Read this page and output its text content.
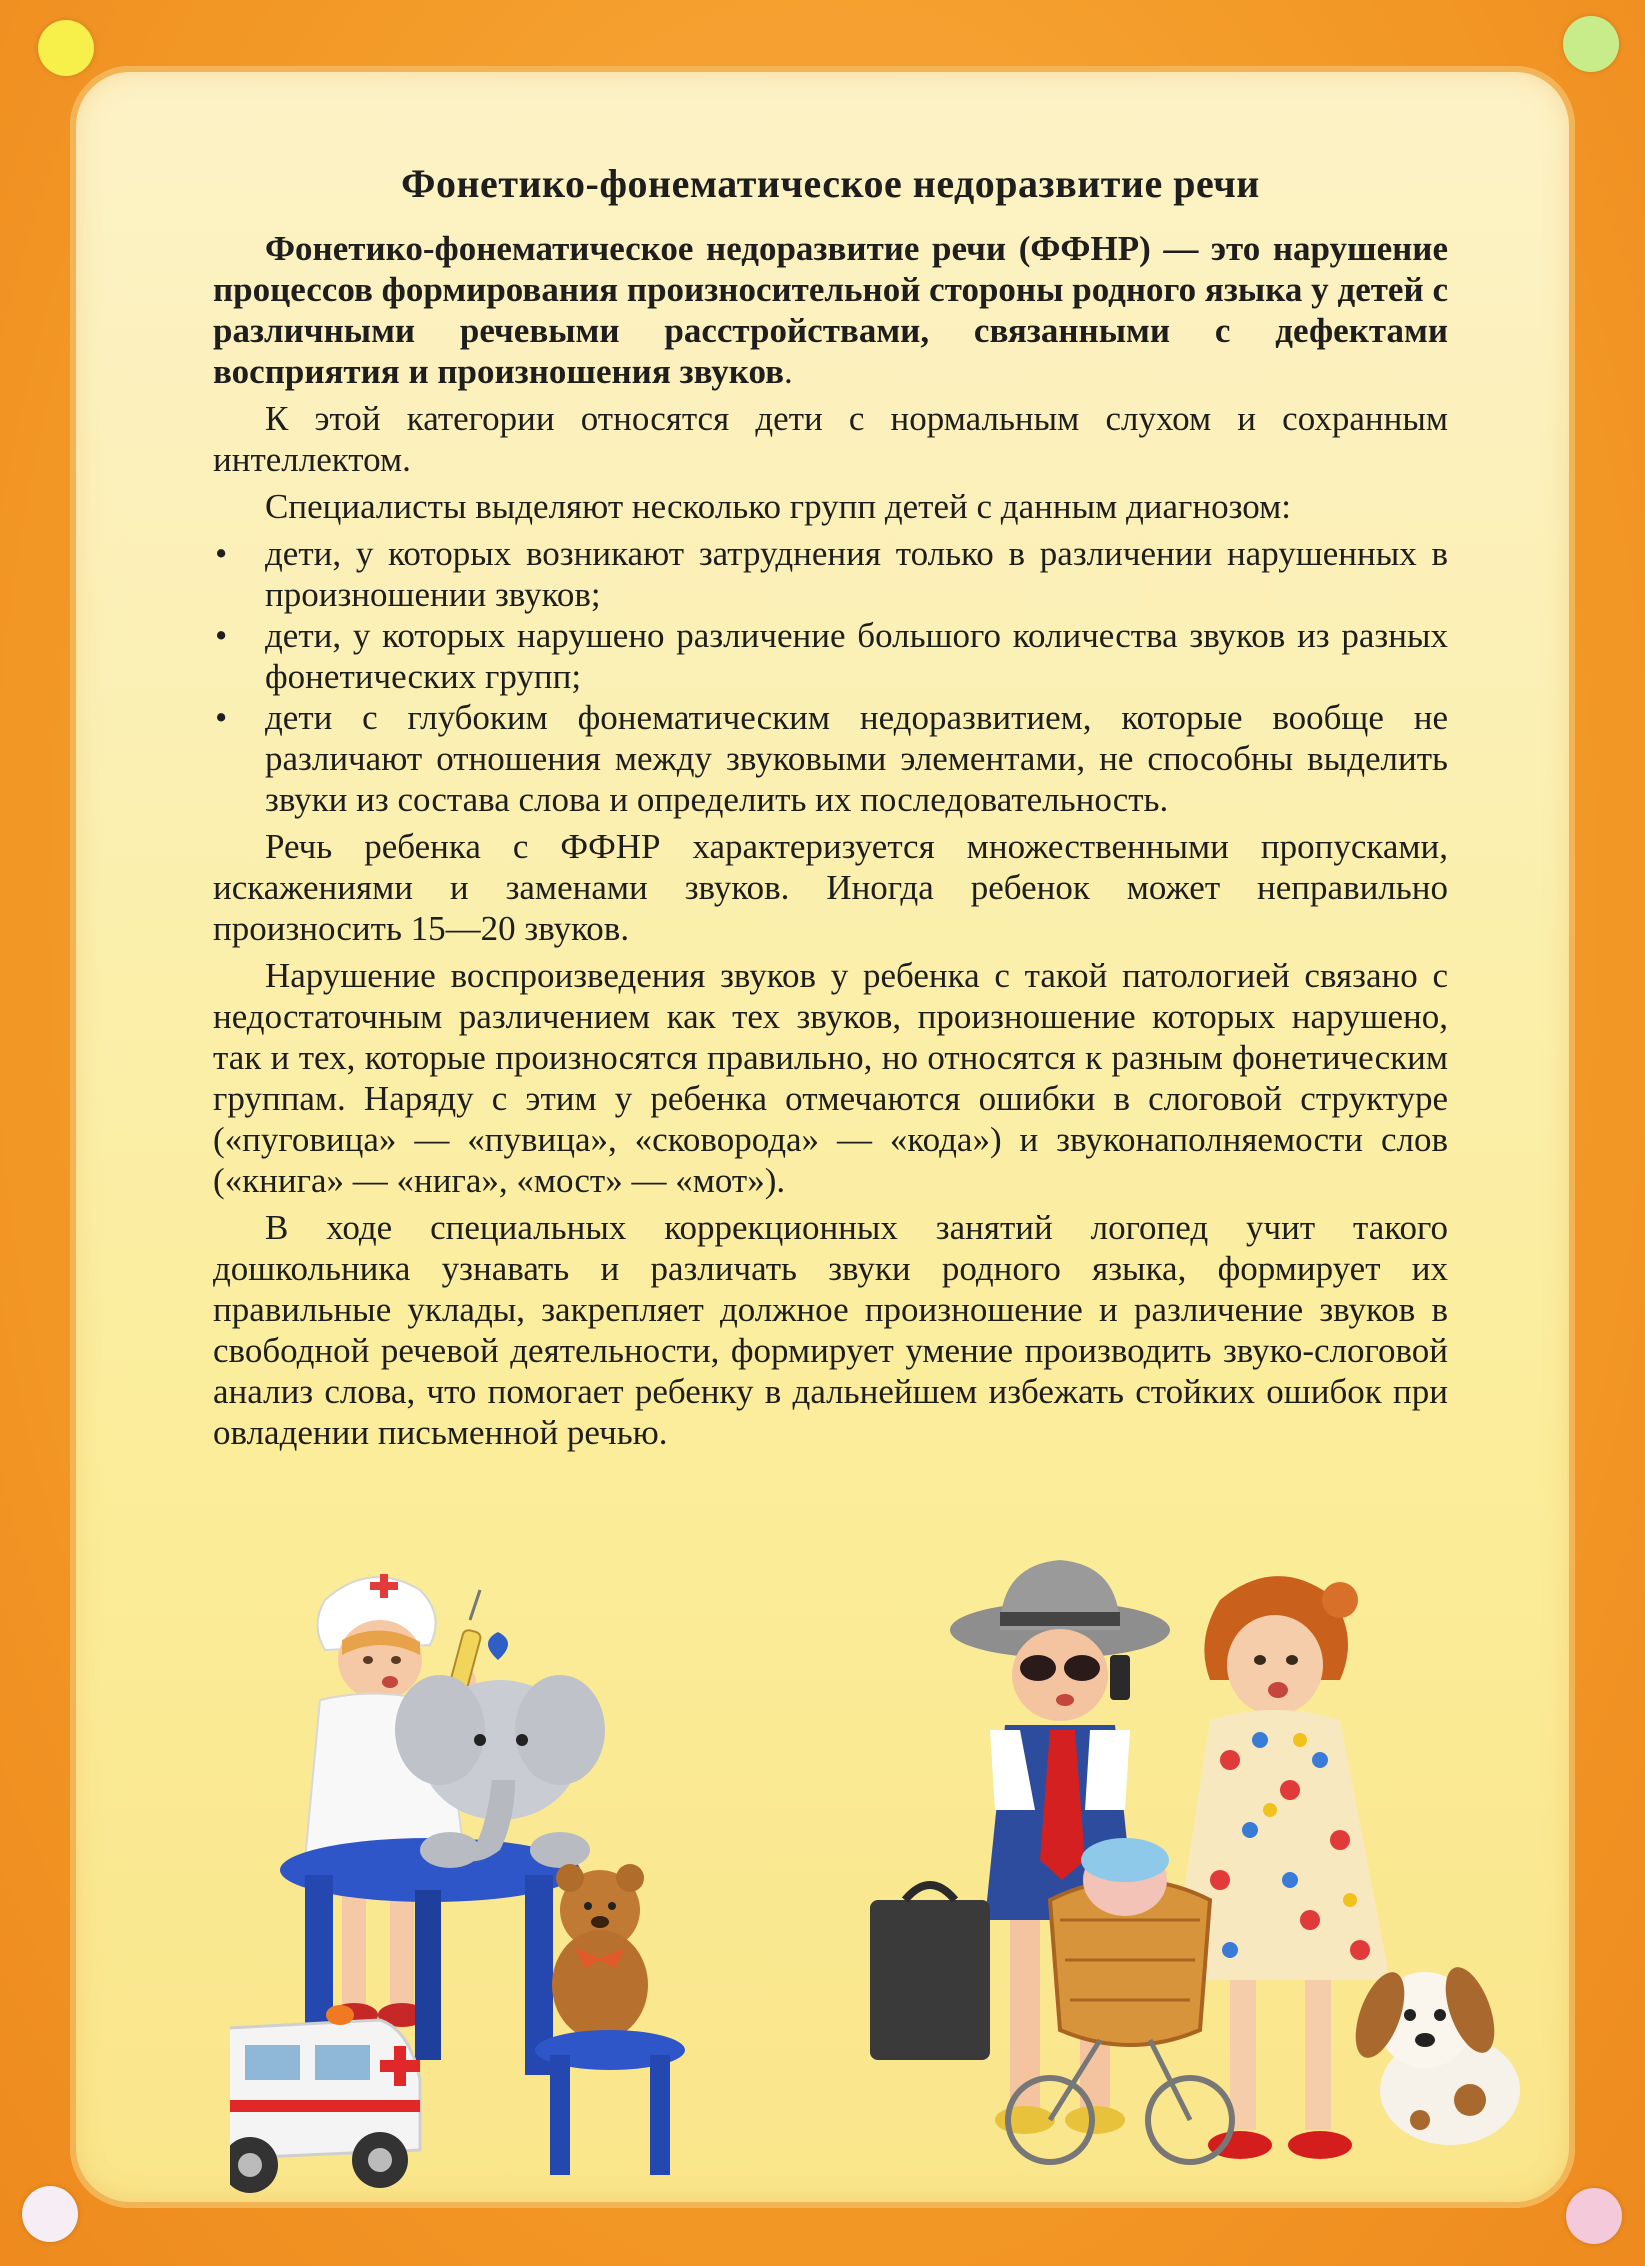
Фонетико-фонематическое недоразвитие речи

Фонетико-фонематическое недоразвитие речи (ФФНР) — это нарушение процессов формирования произносительной стороны родного языка у детей с различными речевыми расстройствами, связанными с дефектами восприятия и произношения звуков.

К этой категории относятся дети с нормальным слухом и сохранным интеллектом.

Специалисты выделяют несколько групп детей с данным диагнозом:

• дети, у которых возникают затруднения только в различении нарушенных в произношении звуков;
• дети, у которых нарушено различение большого количества звуков из разных фонетических групп;
• дети с глубоким фонематическим недоразвитием, которые вообще не различают отношения между звуковыми элементами, не способны выделить звуки из состава слова и определить их последовательность.

Речь ребенка с ФФНР характеризуется множественными пропусками, искажениями и заменами звуков. Иногда ребенок может неправильно произносить 15—20 звуков.

Нарушение воспроизведения звуков у ребенка с такой патологией связано с недостаточным различением как тех звуков, произношение которых нарушено, так и тех, которые произносятся правильно, но относятся к разным фонетическим группам. Наряду с этим у ребенка отмечаются ошибки в слоговой структуре («пуговица» — «пувица», «сковорода» — «кода») и звуконаполняемости слов («книга» — «нига», «мост» — «мот»).

В ходе специальных коррекционных занятий логопед учит такого дошкольника узнавать и различать звуки родного языка, формирует их правильные уклады, закрепляет должное произношение и различение звуков в свободной речевой деятельности, формирует умение производить звуко-слоговой анализ слова, что помогает ребенку в дальнейшем избежать стойких ошибок при овладении письменной речью.
